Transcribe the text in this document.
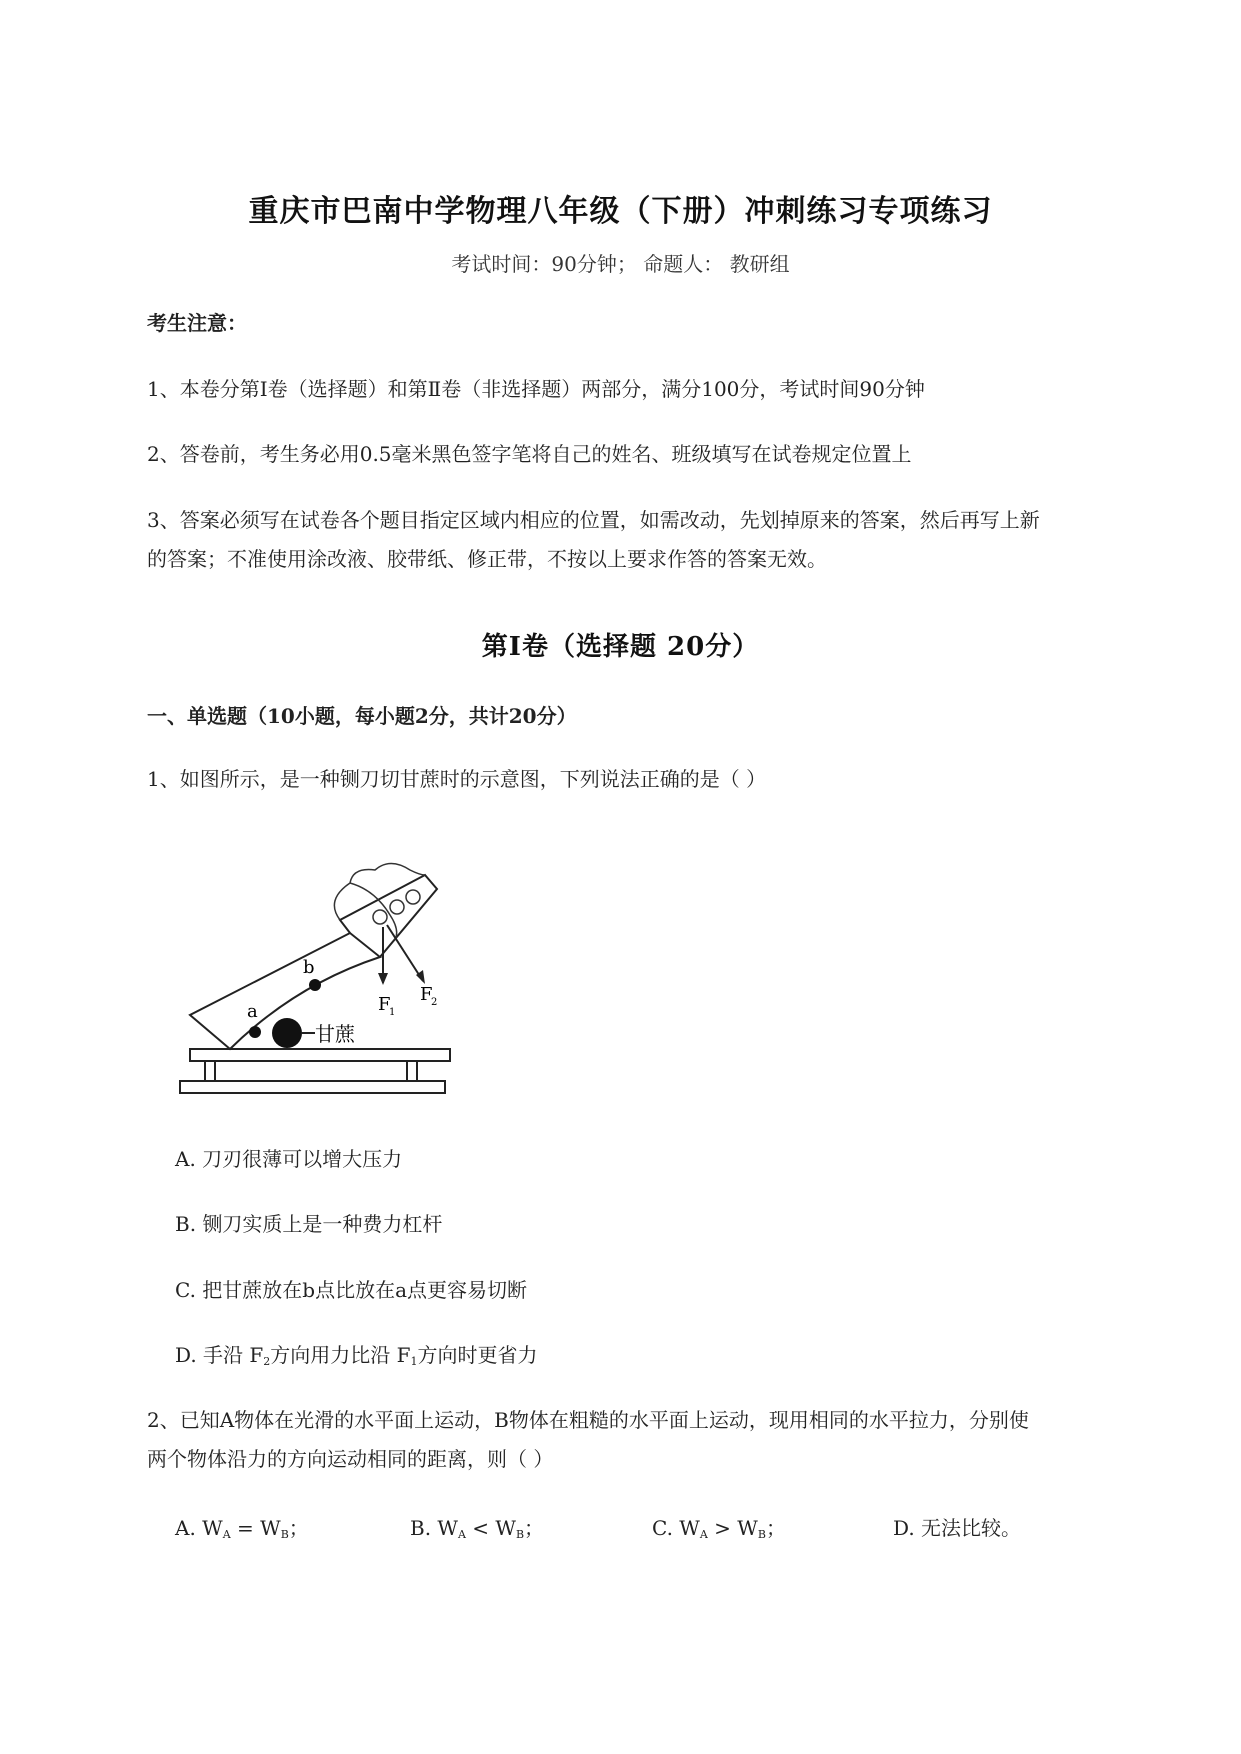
重庆市巴南中学物理八年级（下册）冲刺练习专项练习
考试时间：90分钟； 命题人： 教研组
考生注意：
1、本卷分第I卷（选择题）和第Ⅱ卷（非选择题）两部分，满分100分，考试时间90分钟
2、答卷前，考生务必用0.5毫米黑色签字笔将自己的姓名、班级填写在试卷规定位置上
3、答案必须写在试卷各个题目指定区域内相应的位置，如需改动，先划掉原来的答案，然后再写上新
的答案；不准使用涂改液、胶带纸、修正带，不按以上要求作答的答案无效。
第I卷（选择题 20分）
一、单选题（10小题，每小题2分，共计20分）
1、如图所示，是一种铡刀切甘蔗时的示意图，下列说法正确的是（ ）
F
1
F
2
a
b
甘蔗
A. 刀刃很薄可以增大压力
B. 铡刀实质上是一种费力杠杆
C. 把甘蔗放在b点比放在a点更容易切断
D. 手沿 $F_2$方向用力比沿 $F_1$方向时更省力
2、已知A物体在光滑的水平面上运动，B物体在粗糙的水平面上运动，现用相同的水平拉力，分别使
两个物体沿力的方向运动相同的距离，则（ ）
A. $W_A = W_B$；	B. $W_A < W_B$；	C. $W_A > W_B$；	D. 无法比较。
